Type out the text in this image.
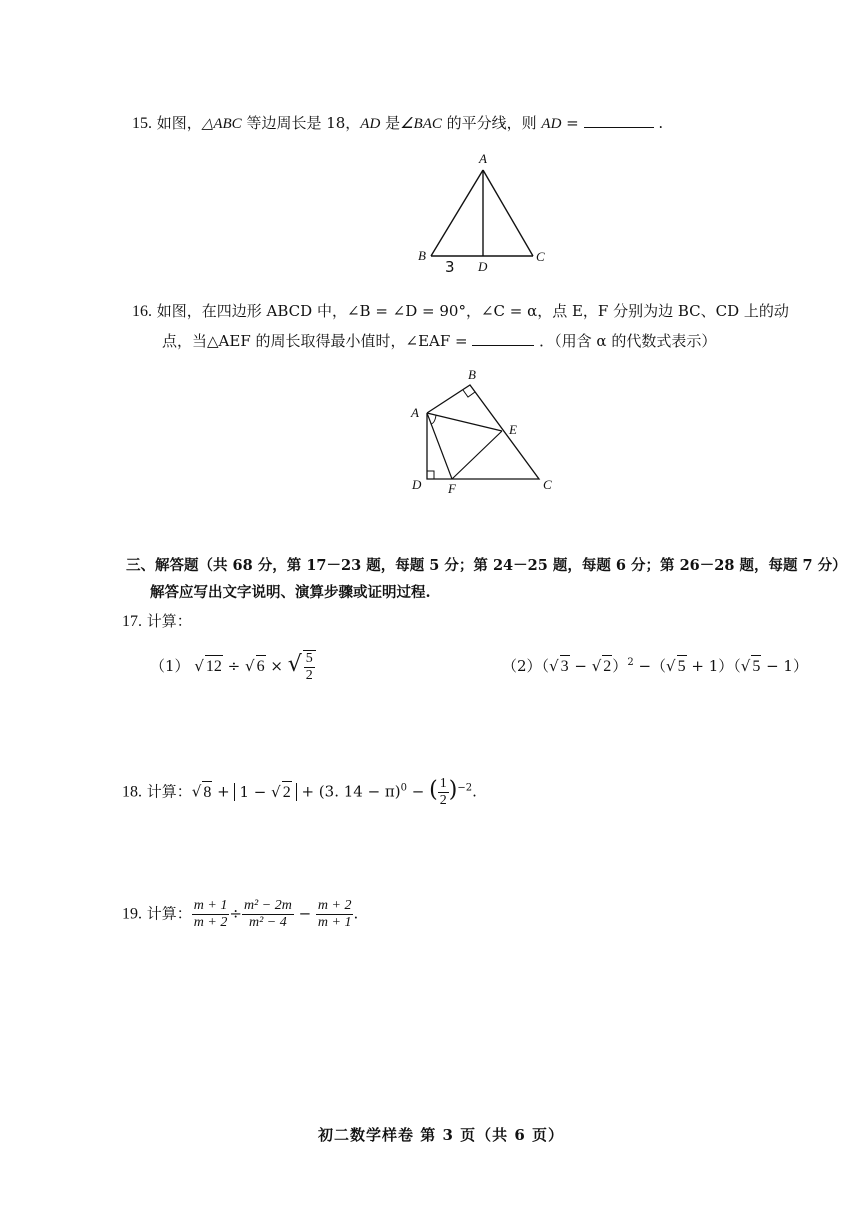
15. 如图，△ABC 等边周长是 18，AD 是∠BAC 的平分线，则 AD =	.
A
B	C
D
3
16. 如图，在四边形 ABCD 中，∠B = ∠D = 90°，∠C = α，点 E，F 分别为边 BC、CD 上的动
点，当△AEF 的周长取得最小值时，∠EAF =	．（用含 α 的代数式表示）
A
B
C
D
E
F
三、解答题（共 68 分，第 17－23 题，每题 5 分；第 24－25 题，每题 6 分；第 26－28 题，每题 7 分）
解答应写出文字说明、演算步骤或证明过程.
17. 计算：
（1） √ 12 ÷ √ 6 × √ $\frac{5}{2}$	（2）（√ 3 − √ 2）$^2$ −（√ 5 + 1）（√ 5 − 1）
18. 计算：√ 8 + 1 − √ 2 + (3. 14 − π)$^0$ − ( $\frac{1}{2} )^{-2}$.
19. 计算： $\frac{m + 1}{m + 2} \div \frac{\text{m² − 2m}}{\text{m² − 4}} - \frac{m + 2}{m + 1}$ .
初二数学样卷 第 3 页（共 6 页）
